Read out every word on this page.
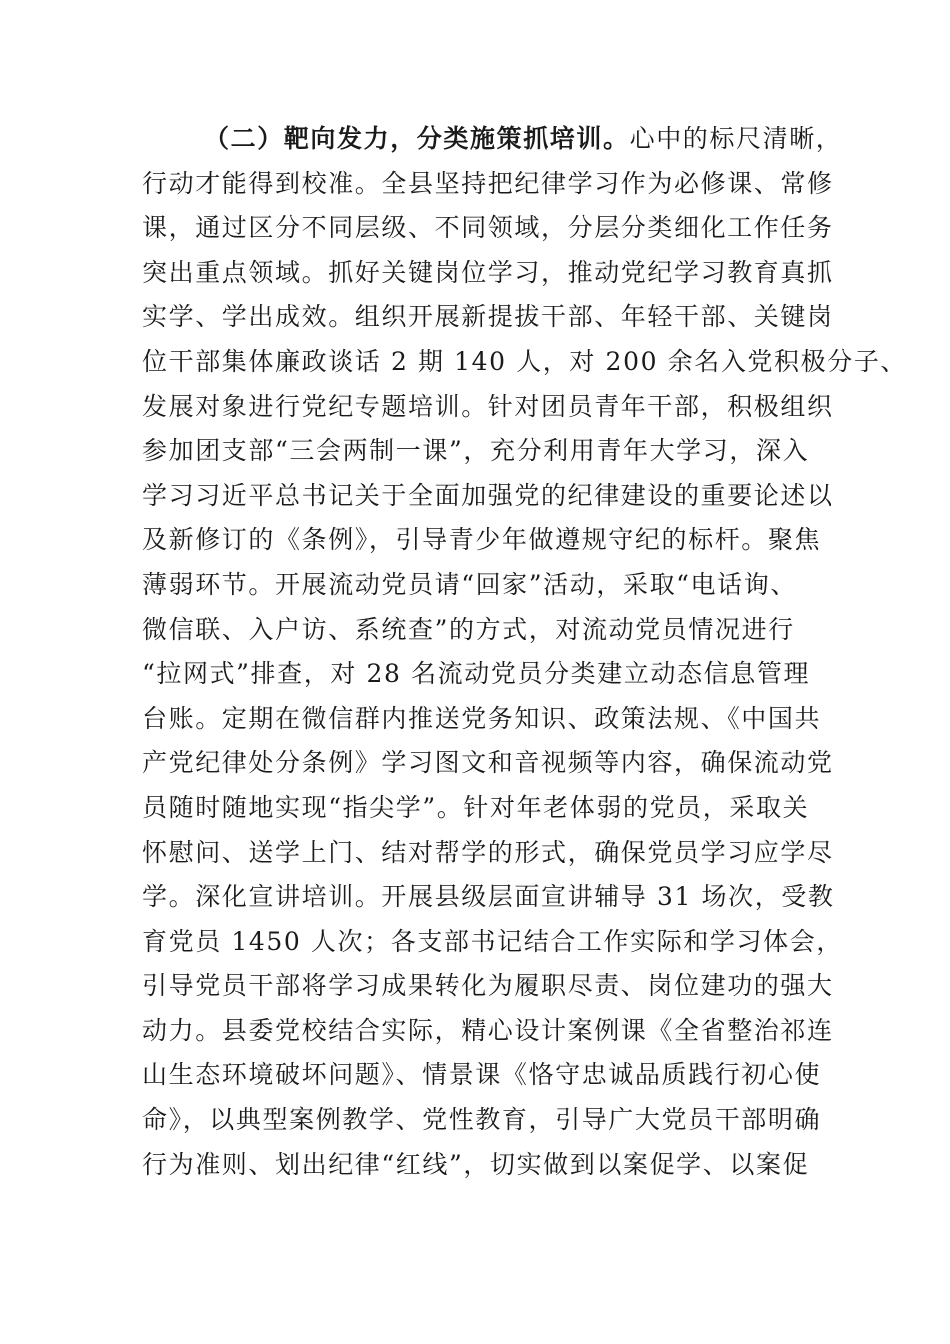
（二）靶向发力，分类施策抓培训。心中的标尺清晰，
行动才能得到校准。全县坚持把纪律学习作为必修课、常修
课，通过区分不同层级、不同领域，分层分类细化工作任务
突出重点领域。抓好关键岗位学习，推动党纪学习教育真抓
实学、学出成效。组织开展新提拔干部、年轻干部、关键岗
位干部集体廉政谈话 2 期 140 人，对 200 余名入党积极分子、
发展对象进行党纪专题培训。针对团员青年干部，积极组织
参加团支部“三会两制一课”，充分利用青年大学习，深入
学习习近平总书记关于全面加强党的纪律建设的重要论述以
及新修订的《条例》，引导青少年做遵规守纪的标杆。聚焦
薄弱环节。开展流动党员请“回家”活动，采取“电话询、
微信联、入户访、系统查”的方式，对流动党员情况进行
“拉网式”排查，对 28 名流动党员分类建立动态信息管理
台账。定期在微信群内推送党务知识、政策法规、《中国共
产党纪律处分条例》学习图文和音视频等内容，确保流动党
员随时随地实现“指尖学”。针对年老体弱的党员，采取关
怀慰问、送学上门、结对帮学的形式，确保党员学习应学尽
学。深化宣讲培训。开展县级层面宣讲辅导 31 场次，受教
育党员 1450 人次；各支部书记结合工作实际和学习体会，
引导党员干部将学习成果转化为履职尽责、岗位建功的强大
动力。县委党校结合实际，精心设计案例课《全省整治祁连
山生态环境破坏问题》、情景课《恪守忠诚品质践行初心使
命》，以典型案例教学、党性教育，引导广大党员干部明确
行为准则、划出纪律“红线”，切实做到以案促学、以案促
